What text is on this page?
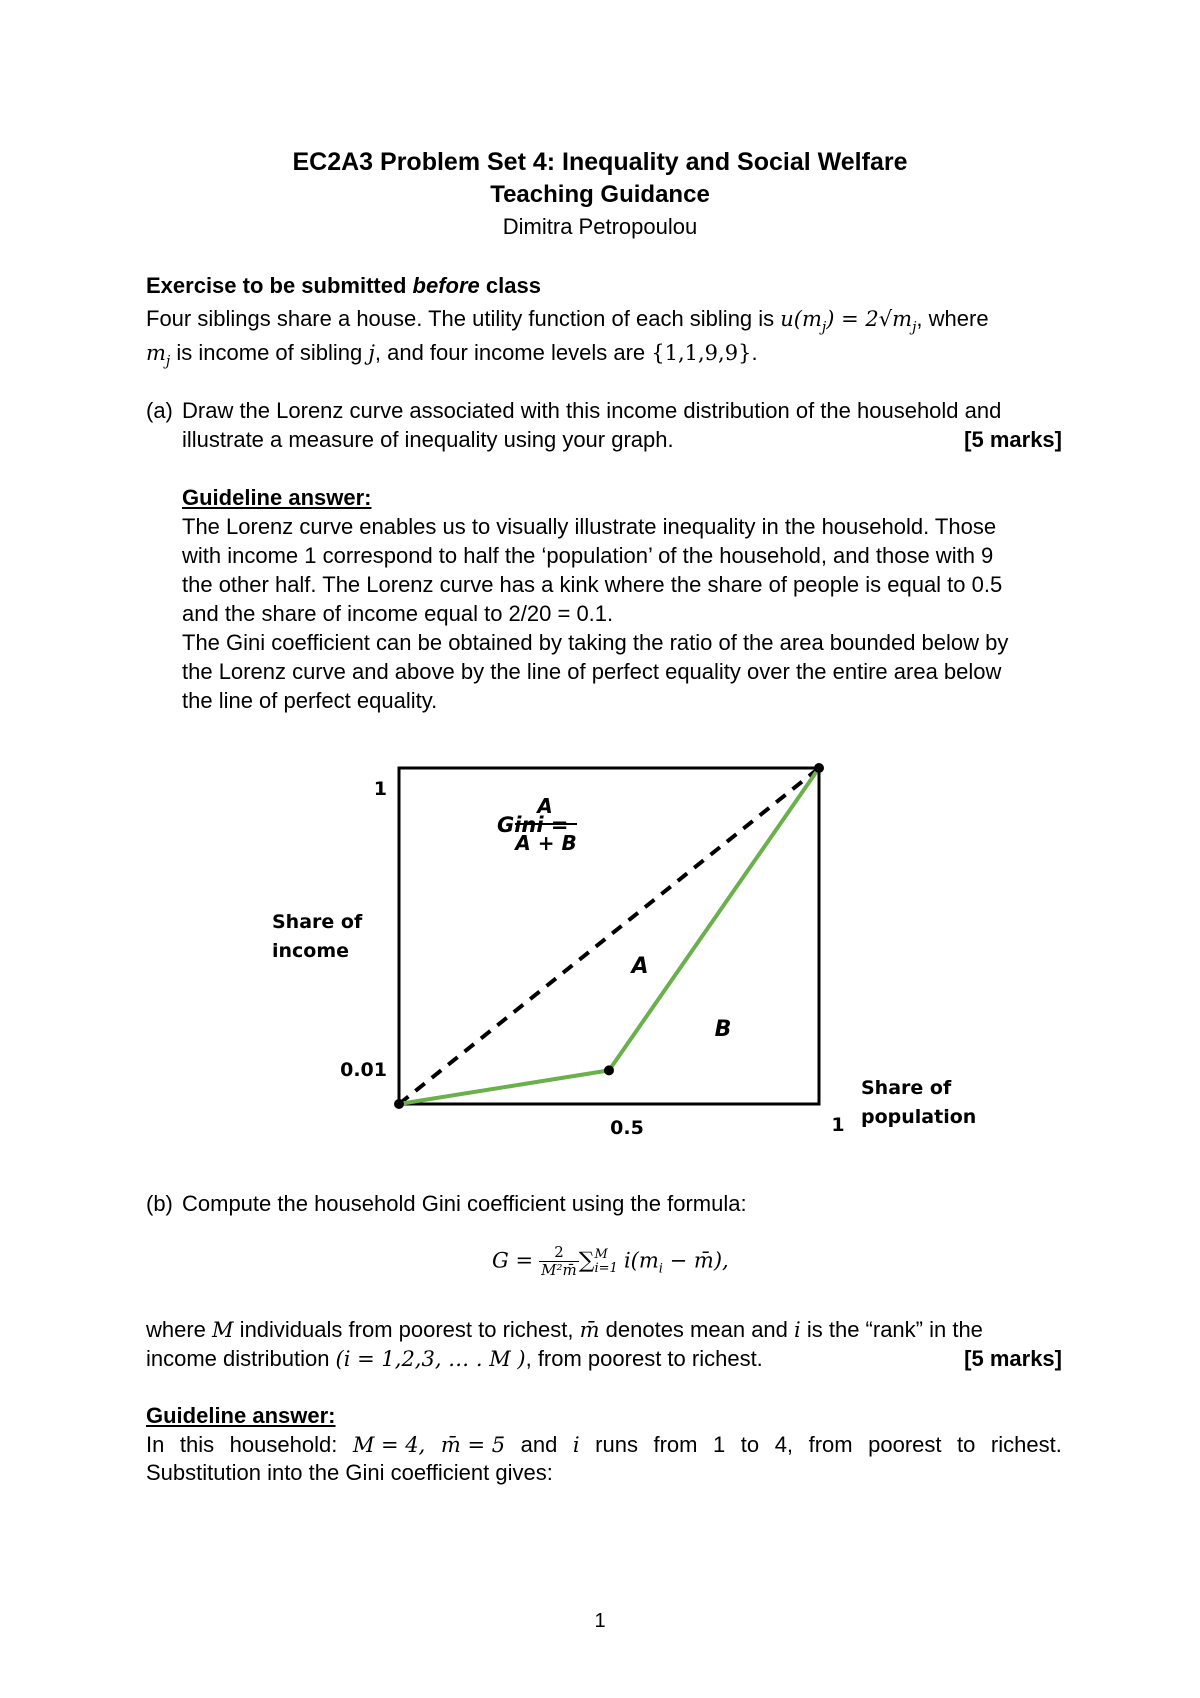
EC2A3 Problem Set 4: Inequality and Social Welfare
Teaching Guidance
Dimitra Petropoulou
Exercise to be submitted before class
Four siblings share a house. The utility function of each sibling is $u(m_j) = 2√m_j$, where
$m_j$ is income of sibling j, and four income levels are {1,1,9,9}.
(a) Draw the Lorenz curve associated with this income distribution of the household and
illustrate a measure of inequality using your graph.	[5 marks]
Guideline answer:
The Lorenz curve enables us to visually illustrate inequality in the household. Those
with income 1 correspond to half the ‘population’ of the household, and those with 9
the other half. The Lorenz curve has a kink where the share of people is equal to 0.5
and the share of income equal to 2/20 = 0.1.
The Gini coefficient can be obtained by taking the ratio of the area bounded below by
the Lorenz curve and above by the line of perfect equality over the entire area below
the line of perfect equality.
1
0.01
0.5	1
Share of
income
Share of
population
Gini =
A
A + B
A
B
(b) Compute the household Gini coefficient using the formula:
$G = \frac{2}{\text{M²m̄}}$ ∑ M
i=1 $i(m_i$ − m̄),
where M individuals from poorest to richest, m̄ denotes mean and i is the “rank” in the
income distribution (i = 1,2,3, … . M ), from poorest to richest.	[5 marks]
Guideline answer:
In this household: M = 4, m̄ = 5 and i runs from 1 to 4, from poorest to richest.
Substitution into the Gini coefficient gives:
1
